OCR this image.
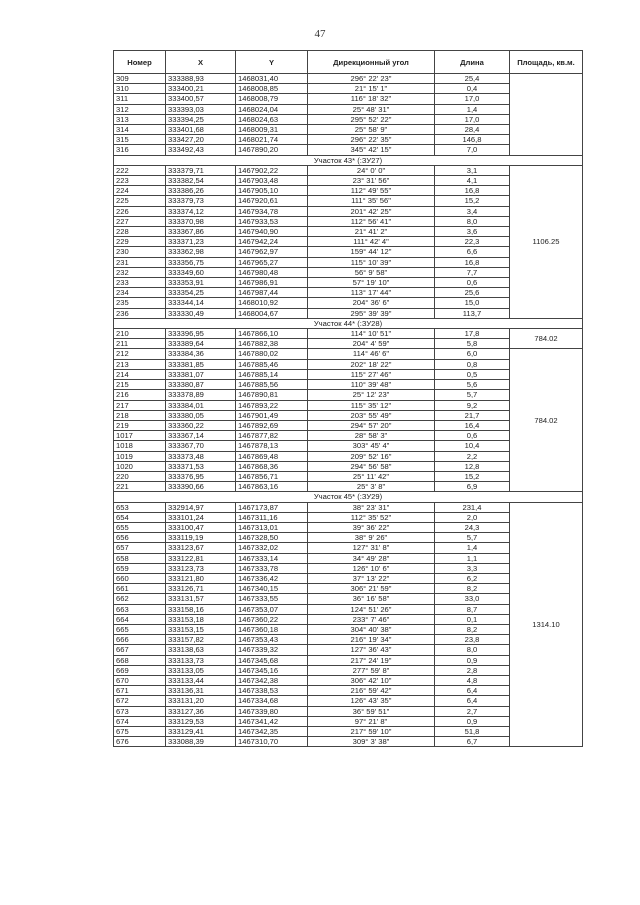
47
Номер	X	Y	Дирекционный угол	Длина	Площадь, кв.м.
309	333388,93	1468031,40	296° 22' 23"	25,4	
310	333400,21	1468008,85	21° 15' 1"	0,4	
311	333400,57	1468008,79	116° 18' 32"	17,0	
312	333393,03	1468024,04	25° 48' 31"	1,4	
313	333394,25	1468024,63	295° 52' 22"	17,0	
314	333401,68	1468009,31	25° 58' 9"	28,4	
315	333427,20	1468021,74	296° 22' 35"	146,8	
316	333492,43	1467890,20	345° 42' 15"	7,0	
Участок 43* (:ЗУ27)					
222	333379,71	1467902,22	24° 0' 0"	3,1	1106.25
223	333382,54	1467903,48	23° 31' 56"	4,1	
224	333386,26	1467905,10	112° 49' 55"	16,8	
225	333379,73	1467920,61	111° 35' 56"	15,2	
226	333374,12	1467934,78	201° 42' 25"	3,4	
227	333370,98	1467933,53	112° 56' 41"	8,0	
228	333367,86	1467940,90	21° 41' 2"	3,6	
229	333371,23	1467942,24	111° 42' 4"	22,3	
230	333362,98	1467962,97	159° 44' 12"	6,6	
231	333356,75	1467965,27	115° 10' 39"	16,8	
232	333349,60	1467980,48	56° 9' 58"	7,7	
233	333353,91	1467986,91	57° 19' 10"	0,6	
234	333354,25	1467987,44	113° 17' 44"	25,6	
235	333344,14	1468010,92	204° 36' 6"	15,0	
236	333330,49	1468004,67	295° 39' 39"	113,7	
Участок 44* (:ЗУ28)					
210	333396,95	1467866,10	114° 10' 51"	17,8	784.02
211	333389,64	1467882,38	204° 4' 59"	5,8	
212	333384,36	1467880,02	114° 46' 6"	6,0	784.02
213	333381,85	1467885,46	202° 18' 22"	0,8	
214	333381,07	1467885,14	115° 27' 46"	0,5	
215	333380,87	1467885,56	110° 39' 48"	5,6	
216	333378,89	1467890,81	25° 12' 23"	5,7	
217	333384,01	1467893,22	115° 35' 12"	9,2	
218	333380,05	1467901,49	203° 55' 49"	21,7	
219	333360,22	1467892,69	294° 57' 20"	16,4	
1017	333367,14	1467877,82	28° 58' 3"	0,6	
1018	333367,70	1467878,13	303° 45' 4"	10,4	
1019	333373,48	1467869,48	209° 52' 16"	2,2	
1020	333371,53	1467868,36	294° 56' 58"	12,8	
220	333376,95	1467856,71	25° 11' 42"	15,2	
221	333390,66	1467863,16	25° 3' 8"	6,9	
Участок 45* (:ЗУ29)					
653	332914,97	1467173,87	38° 23' 31"	231,4	1314.10
654	333101,24	1467311,16	112° 35' 52"	2,0	
655	333100,47	1467313,01	39° 36' 22"	24,3	
656	333119,19	1467328,50	38° 9' 26"	5,7	
657	333123,67	1467332,02	127° 31' 8"	1,4	
658	333122,81	1467333,14	34° 49' 28"	1,1	
659	333123,73	1467333,78	126° 10' 6"	3,3	
660	333121,80	1467336,42	37° 13' 22"	6,2	
661	333126,71	1467340,15	306° 21' 59"	8,2	
662	333131,57	1467333,55	36° 16' 58"	33,0	
663	333158,16	1467353,07	124° 51' 26"	8,7	
664	333153,18	1467360,22	233° 7' 46"	0,1	
665	333153,15	1467360,18	304° 40' 38"	8,2	
666	333157,82	1467353,43	216° 19' 34"	23,8	
667	333138,63	1467339,32	127° 36' 43"	8,0	
668	333133,73	1467345,68	217° 24' 19"	0,9	
669	333133,05	1467345,16	277° 59' 8"	2,8	
670	333133,44	1467342,38	306° 42' 10"	4,8	
671	333136,31	1467338,53	216° 59' 42"	6,4	
672	333131,20	1467334,68	126° 43' 35"	6,4	
673	333127,36	1467339,80	36° 59' 51"	2,7	
674	333129,53	1467341,42	97° 21' 8"	0,9	
675	333129,41	1467342,35	217° 59' 10"	51,8	
676	333088,39	1467310,70	309° 3' 38"	6,7	
